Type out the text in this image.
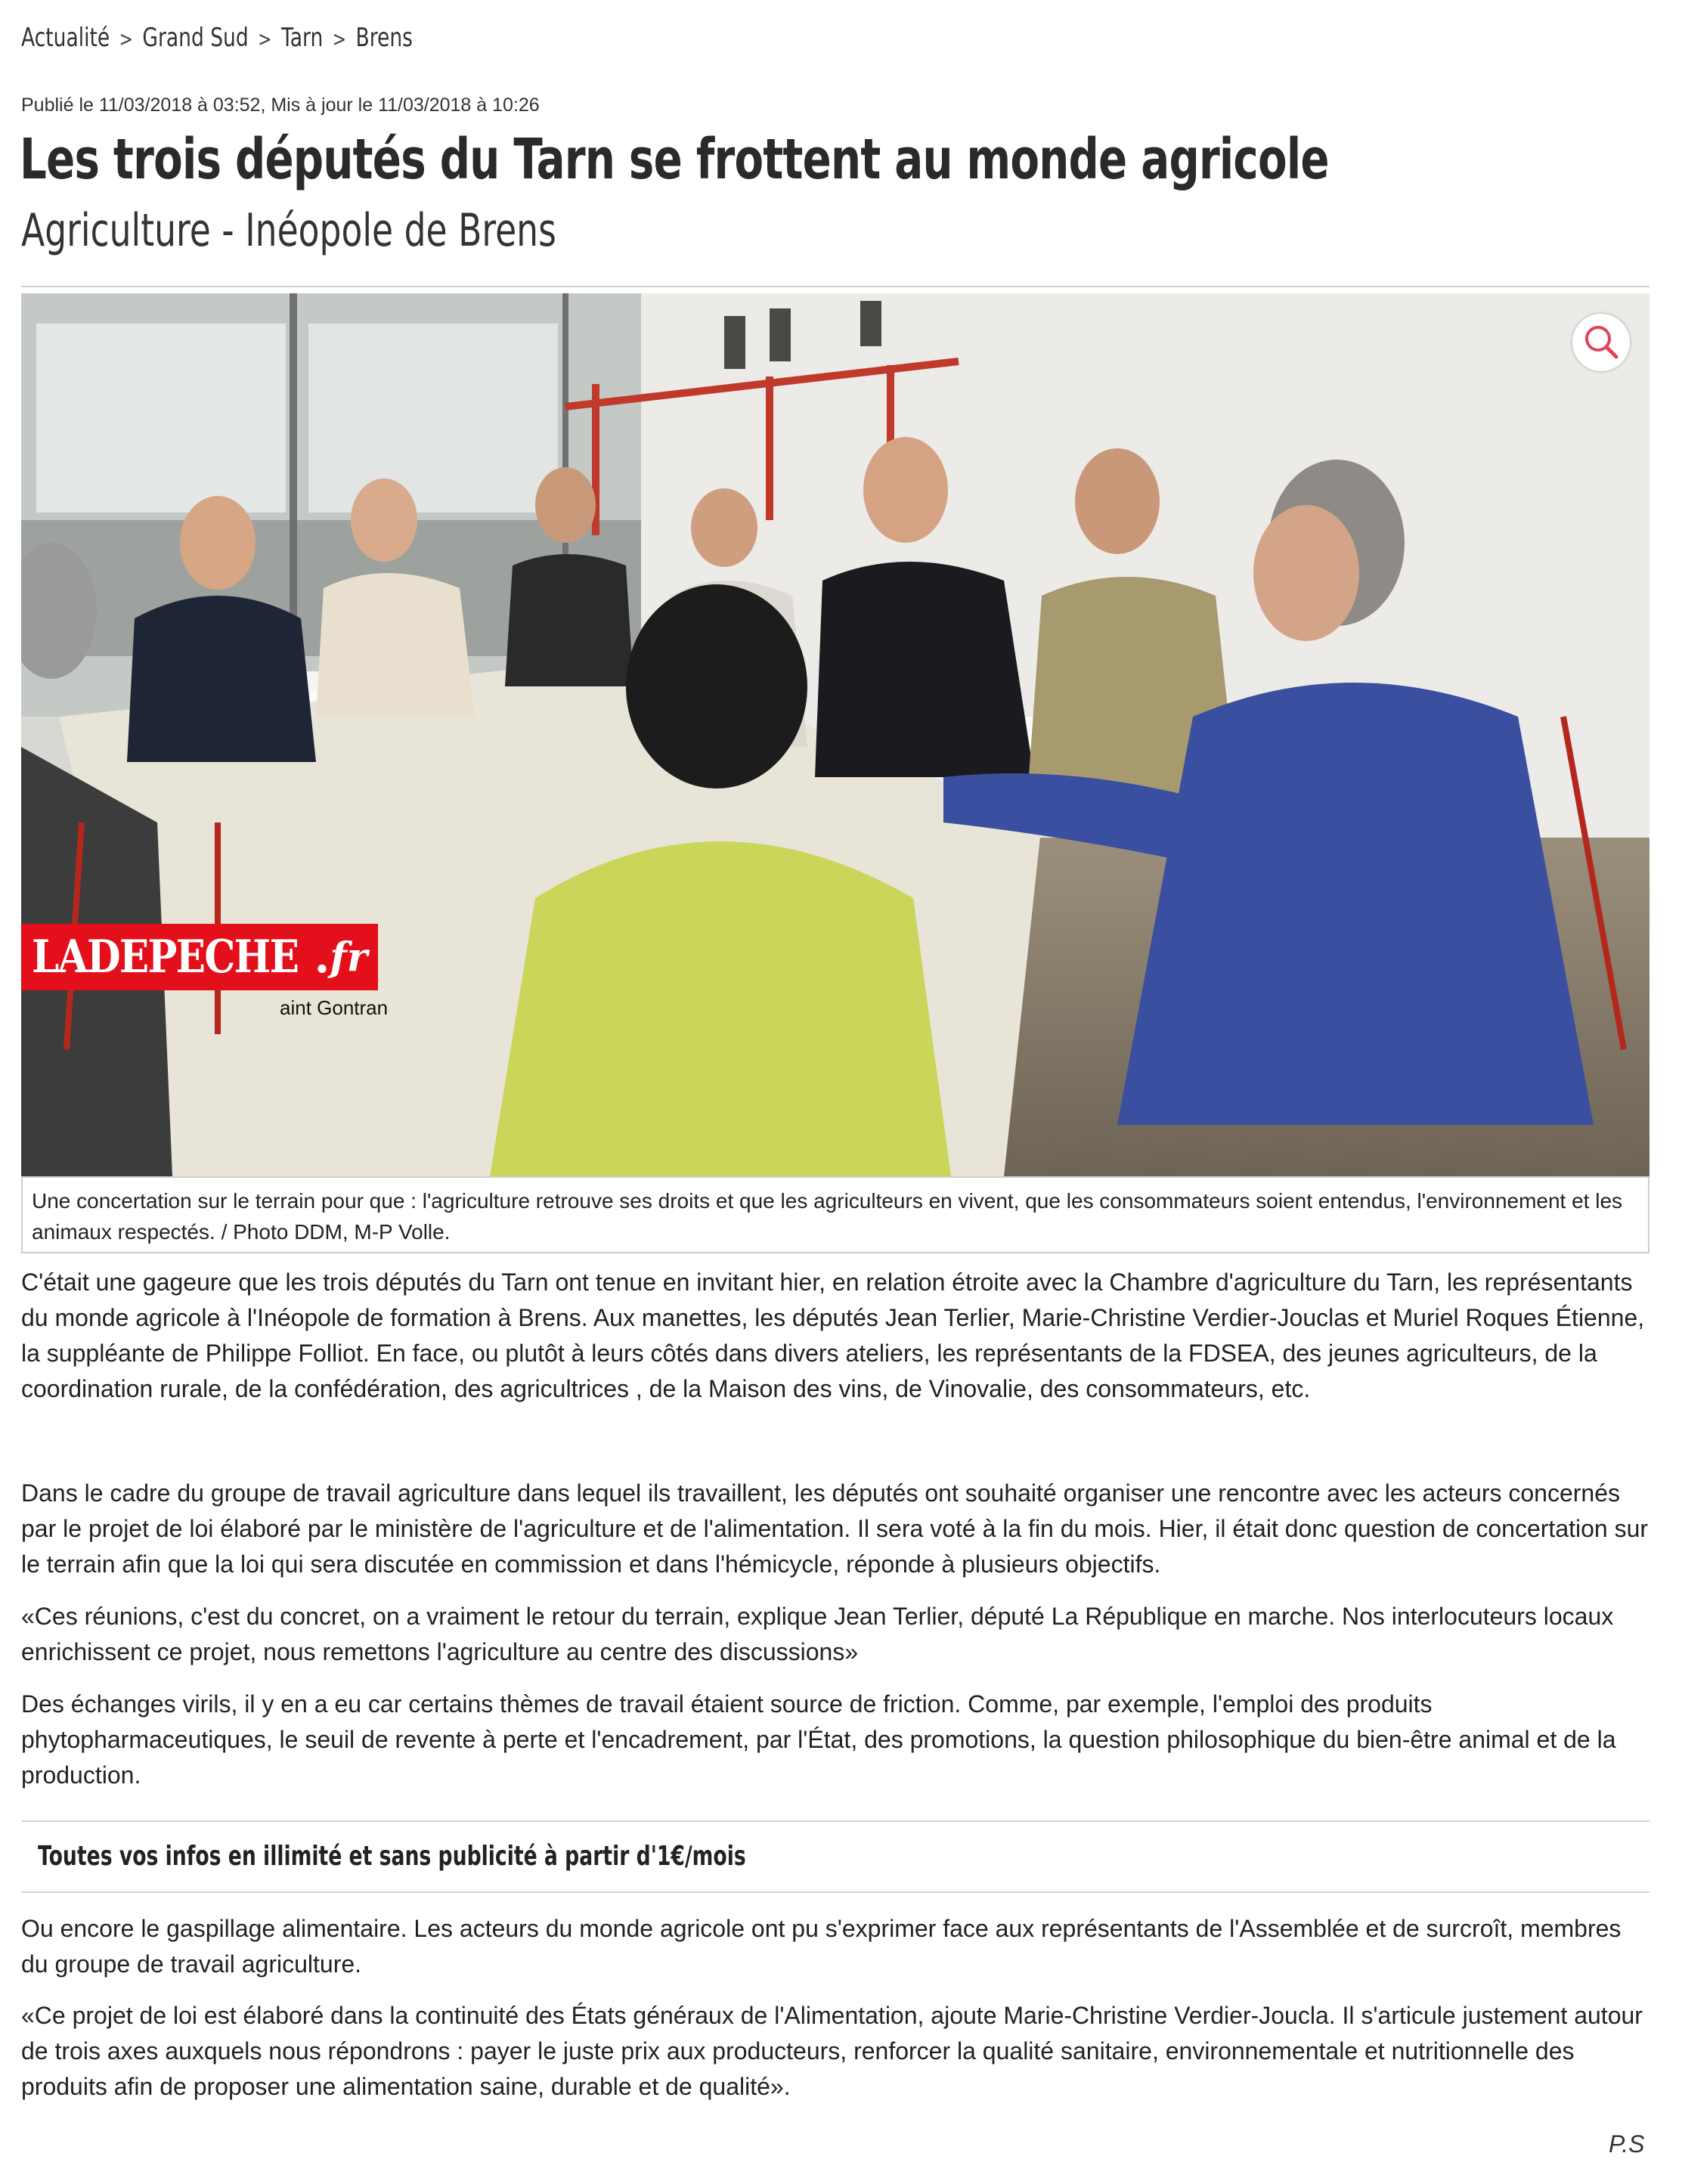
Actualité > Grand Sud > Tarn > Brens
Publié le 11/03/2018 à 03:52, Mis à jour le 11/03/2018 à 10:26
Les trois députés du Tarn se frottent au monde agricole
Agriculture - Inéopole de Brens
LADEPECHE . fr
aint Gontran
Une concertation sur le terrain pour que : l'agriculture retrouve ses droits et que les agriculteurs en vivent, que les consommateurs soient entendus, l'environnement et les animaux respectés. / Photo DDM, M-P Volle.

C'était une gageure que les trois députés du Tarn ont tenue en invitant hier, en relation étroite avec la Chambre d'agriculture du Tarn, les représentants du monde agricole à l'Inéopole de formation à Brens. Aux manettes, les députés Jean Terlier, Marie-Christine Verdier-Jouclas et Muriel Roques Étienne, la suppléante de Philippe Folliot. En face, ou plutôt à leurs côtés dans divers ateliers, les représentants de la FDSEA, des jeunes agriculteurs, de la coordination rurale, de la confédération, des agricultrices , de la Maison des vins, de Vinovalie, des consommateurs, etc.

Dans le cadre du groupe de travail agriculture dans lequel ils travaillent, les députés ont souhaité organiser une rencontre avec les acteurs concernés par le projet de loi élaboré par le ministère de l'agriculture et de l'alimentation. Il sera voté à la fin du mois. Hier, il était donc question de concertation sur le terrain afin que la loi qui sera discutée en commission et dans l'hémicycle, réponde à plusieurs objectifs.

«Ces réunions, c'est du concret, on a vraiment le retour du terrain, explique Jean Terlier, député La République en marche. Nos interlocuteurs locaux enrichissent ce projet, nous remettons l'agriculture au centre des discussions»

Des échanges virils, il y en a eu car certains thèmes de travail étaient source de friction. Comme, par exemple, l'emploi des produits phytopharmaceutiques, le seuil de revente à perte et l'encadrement, par l'État, des promotions, la question philosophique du bien-être animal et de la production.

Toutes vos infos en illimité et sans publicité à partir d'1€/mois

Ou encore le gaspillage alimentaire. Les acteurs du monde agricole ont pu s'exprimer face aux représentants de l'Assemblée et de surcroît, membres du groupe de travail agriculture.

«Ce projet de loi est élaboré dans la continuité des États généraux de l'Alimentation, ajoute Marie-Christine Verdier-Joucla. Il s'articule justement autour de trois axes auxquels nous répondrons : payer le juste prix aux producteurs, renforcer la qualité sanitaire, environnementale et nutritionnelle des produits afin de proposer une alimentation saine, durable et de qualité».

P.S
